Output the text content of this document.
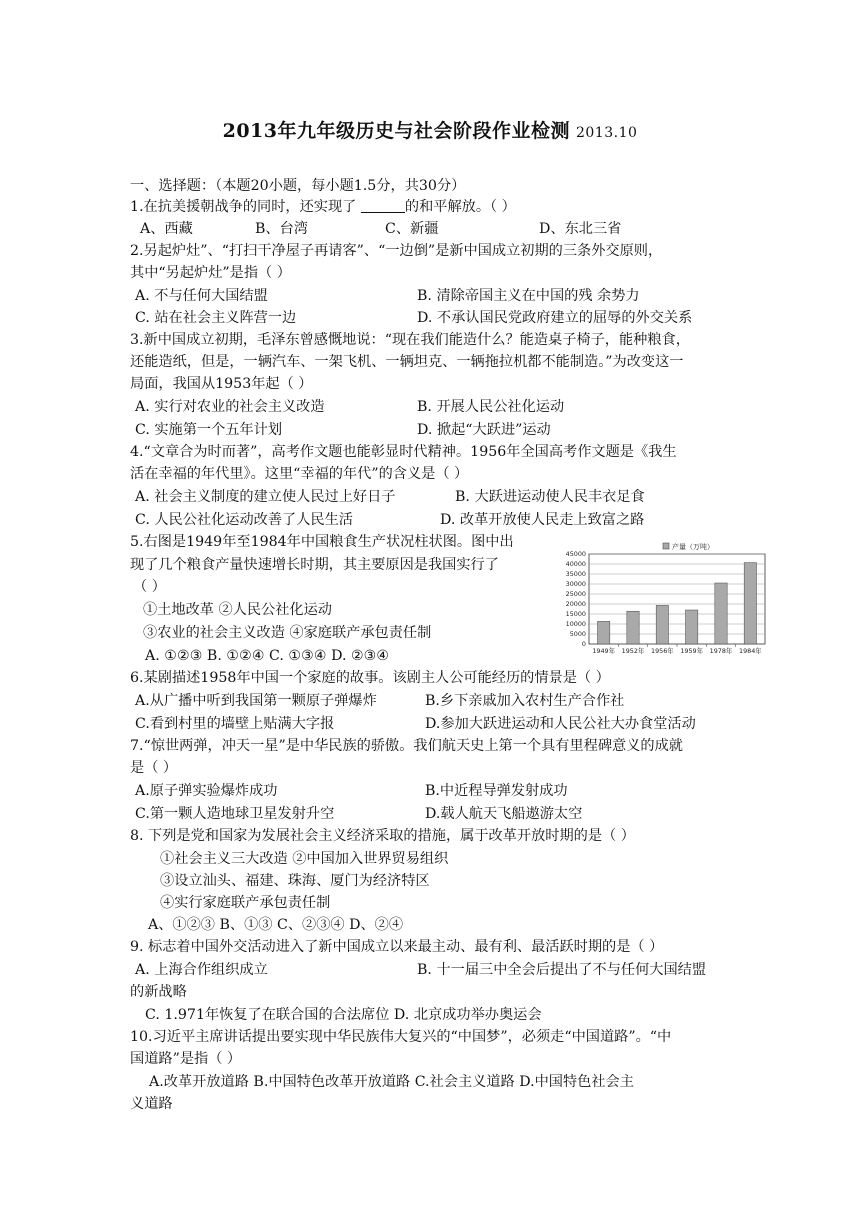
2013年九年级历史与社会阶段作业检测 2013.10
一、选择题：（本题20小题，每小题1.5分，共30分）
1.在抗美援朝战争的同时，还实现了	的和平解放。（ ）
A、西藏	B、台湾	C、新疆	D、东北三省
2.另起炉灶”、“打扫干净屋子再请客”、“一边倒”是新中国成立初期的三条外交原则，
其中“另起炉灶”是指（ ）
A. 不与任何大国结盟	B. 清除帝国主义在中国的残 余势力
C. 站在社会主义阵营一边	D. 不承认国民党政府建立的屈辱的外交关系
3.新中国成立初期，毛泽东曾感慨地说：“现在我们能造什么？能造桌子椅子，能种粮食，
还能造纸，但是，一辆汽车、一架飞机、一辆坦克、一辆拖拉机都不能制造。”为改变这一
局面，我国从1953年起（ ）
A. 实行对农业的社会主义改造	B. 开展人民公社化运动
C. 实施第一个五年计划	D. 掀起“大跃进”运动
4.“文章合为时而著”，高考作文题也能彰显时代精神。1956年全国高考作文题是《我生
活在幸福的年代里》。这里“幸福的年代”的含义是（ ）
A. 社会主义制度的建立使人民过上好日子	B. 大跃进运动使人民丰衣足食
C. 人民公社化运动改善了人民生活	D. 改革开放使人民走上致富之路
5.右图是1949年至1984年中国粮食生产状况柱状图。图中出
现了几个粮食产量快速增长时期，其主要原因是我国实行了
（ ）
①土地改革 ②人民公社化运动
③农业的社会主义改造 ④家庭联产承包责任制
A. ①②③ B. ①②④ C. ①③④ D. ②③④
0
5000
10000
15000
20000
25000
30000
35000
40000
45000
产量（万吨）
1949年 1952年 1956年 1959年 1978年 1984年
6.某剧描述1958年中国一个家庭的故事。该剧主人公可能经历的情景是（ ）
A.从广播中听到我国第一颗原子弹爆炸	B.乡下亲戚加入农村生产合作社
C.看到村里的墙壁上贴满大字报	D.参加大跃进运动和人民公社大办食堂活动
7.“惊世两弹，冲天一星”是中华民族的骄傲。我们航天史上第一个具有里程碑意义的成就
是（ ）
A.原子弹实验爆炸成功	B.中近程导弹发射成功
C.第一颗人造地球卫星发射升空	D.载人航天飞船遨游太空
8. 下列是党和国家为发展社会主义经济采取的措施，属于改革开放时期的是（ ）
①社会主义三大改造 ②中国加入世界贸易组织
③设立汕头、福建、珠海、厦门为经济特区
④实行家庭联产承包责任制
A、①②③ B、①③ C、②③④ D、②④
9. 标志着中国外交活动进入了新中国成立以来最主动、最有利、最活跃时期的是（ ）
A. 上海合作组织成立	B. 十一届三中全会后提出了不与任何大国结盟
的新战略
C. 1.971年恢复了在联合国的合法席位 D. 北京成功举办奥运会
10.习近平主席讲话提出要实现中华民族伟大复兴的“中国梦”，必须走“中国道路”。“中
国道路”是指（ ）
A.改革开放道路 B.中国特色改革开放道路 C.社会主义道路 D.中国特色社会主
义道路
